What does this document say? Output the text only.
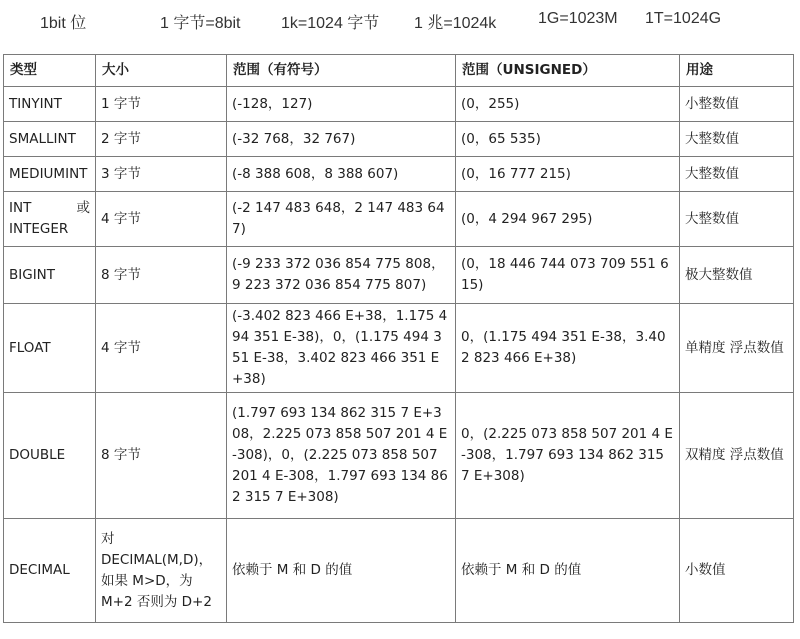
1bit 位	1 字节=8bit	1k=1024 字节 1 兆=1024k	1G=1023M 1T=1024G
类型	大小	范围（有符号）	范围（UNSIGNED）	用途
TINYINT	1 字节	(-128，127)	(0，255)	小整数值
SMALLINT	2 字节	(-32 768，32 767)	(0，65 535)	大整数值
MEDIUMINT	3 字节	(-8 388 608，8 388 607)	(0，16 777 215)	大整数值
INT 或 INTEGER	4 字节	(-2 147 483 648，2 147 483 647)	(0，4 294 967 295)	大整数值
BIGINT	8 字节	(-9 233 372 036 854 775 808，9 223 372 036 854 775 807)	(0，18 446 744 073 709 551 615)	极大整数值
FLOAT	4 字节	(-3.402 823 466 E+38，1.175 494 351 E-38)，0，(1.175 494 351 E-38，3.402 823 466 351 E+38)	0，(1.175 494 351 E-38，3.402 823 466 E+38)	单精度 浮点数值
DOUBLE	8 字节	(1.797 693 134 862 315 7 E+308，2.225 073 858 507 201 4 E-308)，0，(2.225 073 858 507 201 4 E-308，1.797 693 134 862 315 7 E+308)	0，(2.225 073 858 507 201 4 E-308，1.797 693 134 862 315 7 E+308)	双精度 浮点数值
DECIMAL	对 DECIMAL(M,D)，如果 M>D，为 M+2 否则为 D+2	依赖于 M 和 D 的值	依赖于 M 和 D 的值	小数值
